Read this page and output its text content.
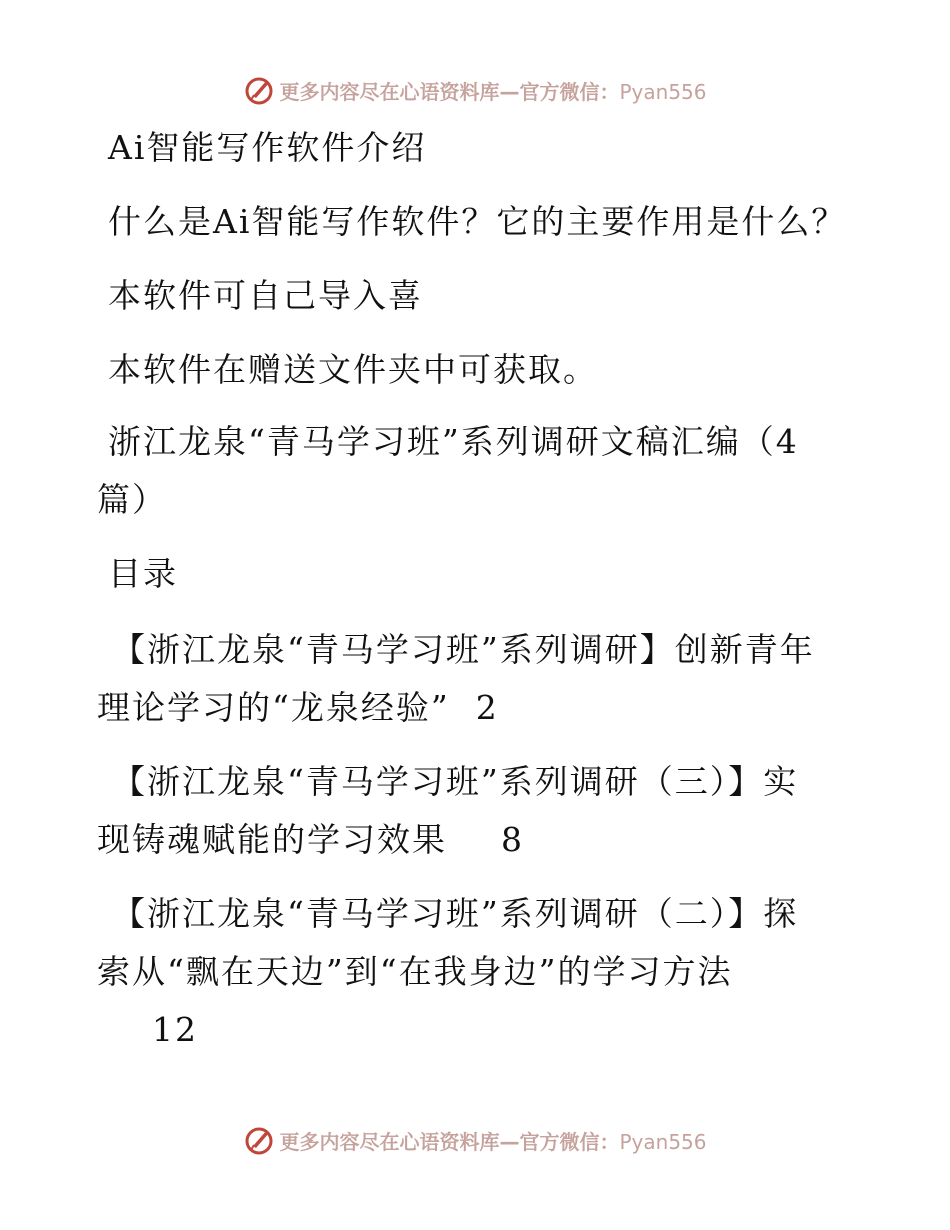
更多内容尽在心语资料库—官方微信：Pyan556
Ai智能写作软件介绍
什么是Ai智能写作软件？它的主要作用是什么？
本软件可自己导入喜
本软件在赠送文件夹中可获取。
浙江龙泉“青马学习班”系列调研文稿汇编（4
篇）
目录
【浙江龙泉“青马学习班”系列调研】创新青年
理论学习的“龙泉经验” 2
【浙江龙泉“青马学习班”系列调研（三）】实
现铸魂赋能的学习效果 8
【浙江龙泉“青马学习班”系列调研（二）】探
索从“飘在天边”到“在我身边”的学习方法
12
更多内容尽在心语资料库—官方微信：Pyan556
